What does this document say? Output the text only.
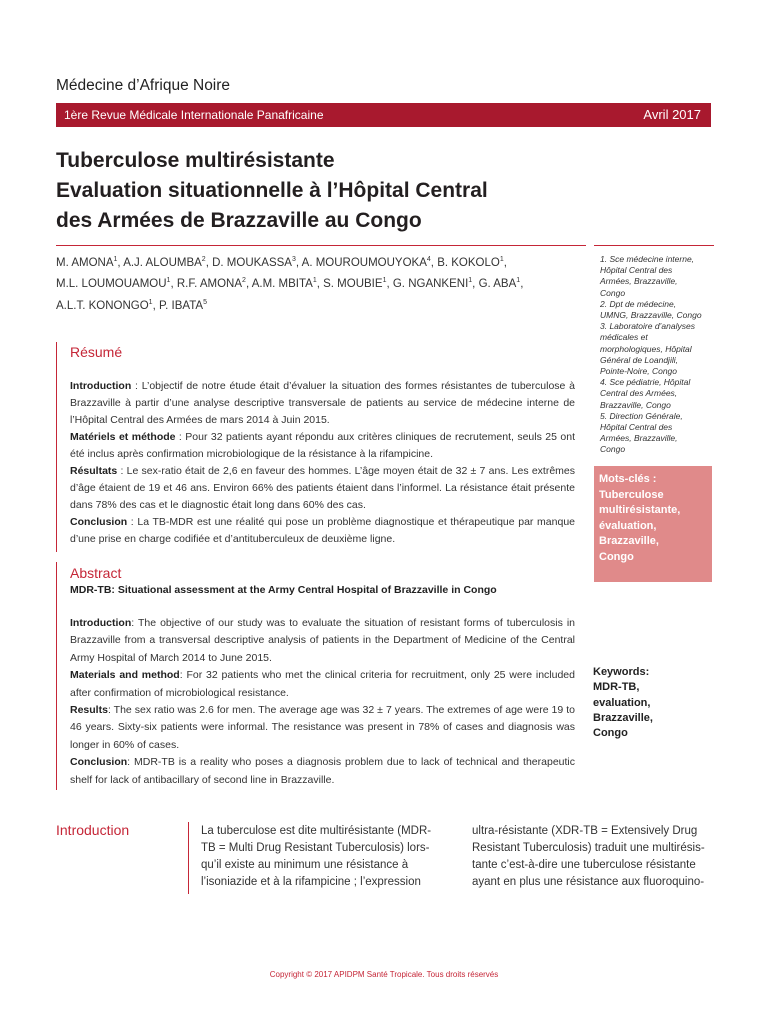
Médecine d’Afrique Noire
1ère Revue Médicale Internationale Panafricaine	Avril 2017
Tuberculose multirésistante
Evaluation situationnelle à l’Hôpital Central
des Armées de Brazzaville au Congo
M. AMONA$^1$, A.J. ALOUMBA$^2$, D. MOUKASSA$^3$, A. MOUROUMOUYOKA$^4$, B. KOKOLO$^1$,
M.L. LOUMOUAMOU$^1$, R.F. AMONA$^2$, A.M. MBITA$^1$, S. MOUBIE$^1$, G. NGANKENI$^1$, G. ABA$^1$,
A.L.T. KONONGO$^1$, P. IBATA$^5$
1. Sce médecine interne,
Hôpital Central des
Armées, Brazzaville,
Congo
2. Dpt de médecine,
UMNG, Brazzaville, Congo
3. Laboratoire d’analyses
médicales et
morphologiques, Hôpital
Général de Loandjili,
Pointe-Noire, Congo
4. Sce pédiatrie, Hôpital
Central des Armées,
Brazzaville, Congo
5. Direction Générale,
Hôpital Central des
Armées, Brazzaville,
Congo
Résumé

Introduction : L’objectif de notre étude était d’évaluer la situation des formes résistantes de tuberculose à Brazzaville à partir d’une analyse descriptive transversale de patients au service de médecine interne de l’Hôpital Central des Armées de mars 2014 à Juin 2015.

Matériels et méthode : Pour 32 patients ayant répondu aux critères cliniques de recrutement, seuls 25 ont été inclus après confirmation microbiologique de la résistance à la rifampicine.

Résultats : Le sex-ratio était de 2,6 en faveur des hommes. L’âge moyen était de 32 ± 7 ans. Les extrêmes d’âge étaient de 19 et 46 ans. Environ 66% des patients étaient dans l’informel. La résistance était présente dans 78% des cas et le diagnostic était long dans 60% des cas.

Conclusion : La TB-MDR est une réalité qui pose un problème diagnostique et thérapeutique par manque d’une prise en charge codifiée et d’antituberculeux de deuxième ligne.

Mots-clés :
Tuberculose
multirésistante,
évaluation,
Brazzaville,
Congo
Abstract
MDR-TB: Situational assessment at the Army Central Hospital of Brazzaville in Congo

Introduction: The objective of our study was to evaluate the situation of resistant forms of tuberculosis in Brazzaville from a transversal descriptive analysis of patients in the Department of Medicine of the Central Army Hospital of March 2014 to June 2015.

Materials and method: For 32 patients who met the clinical criteria for recruitment, only 25 were included after confirmation of microbiological resistance.

Results: The sex ratio was 2.6 for men. The average age was 32 ± 7 years. The extremes of age were 19 to 46 years. Sixty-six patients were informal. The resistance was present in 78% of cases and diagnosis was longer in 60% of cases.

Conclusion: MDR-TB is a reality who poses a diagnosis problem due to lack of technical and therapeutic shelf for lack of antibacillary of second line in Brazzaville.

Keywords:
MDR-TB,
evaluation,
Brazzaville,
Congo
Introduction	La tuberculose est dite multirésistante (MDR-
TB = Multi Drug Resistant Tuberculosis) lors-
qu’il existe au minimum une résistance à
l’isoniazide et à la rifampicine ; l’expression
ultra-résistante (XDR-TB = Extensively Drug
Resistant Tuberculosis) traduit une multirésis-
tante c’est-à-dire une tuberculose résistante
ayant en plus une résistance aux fluoroquino-
Copyright © 2017 APIDPM Santé Tropicale. Tous droits réservés
